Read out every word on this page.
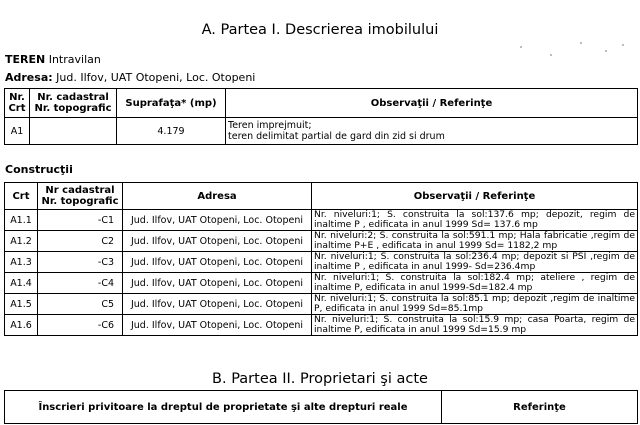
A. Partea I. Descrierea imobilului
TEREN Intravilan
Adresa: Jud. Ilfov, UAT Otopeni, Loc. Otopeni
Nr. Crt	Nr. cadastral Nr. topografic	Suprafaţa* (mp)	Observaţii / Referinţe
A1		4.179	Teren imprejmuit;
teren delimitat partial de gard din zid si drum
Construcţii
Crt	Nr cadastral Nr. topografic	Adresa	Observaţii / Referinţe
A1.1	-C1	Jud. Ilfov, UAT Otopeni, Loc. Otopeni	Nr. niveluri:1; S. construita la sol:137.6 mp; depozit, regim de inaltime P , edificata in anul 1999 Sd= 137.6 mp
A1.2	C2	Jud. Ilfov, UAT Otopeni, Loc. Otopeni	Nr. niveluri:2; S. construita la sol:591.1 mp; Hala fabricatie ,regim de inaltime P+E , edificata in anul 1999 Sd= 1182,2 mp
A1.3	-C3	Jud. Ilfov, UAT Otopeni, Loc. Otopeni	Nr. niveluri:1; S. construita la sol:236.4 mp; depozit si PSI ,regim de inaltime P , edificata in anul 1999- Sd=236.4mp
A1.4	-C4	Jud. Ilfov, UAT Otopeni, Loc. Otopeni	Nr. niveluri:1; S. construita la sol:182.4 mp; ateliere , regim de inaltime P, edificata in anul 1999-Sd=182.4 mp
A1.5	C5	Jud. Ilfov, UAT Otopeni, Loc. Otopeni	Nr. niveluri:1; S. construita la sol:85.1 mp; depozit ,regim de inaltime P, edificata in anul 1999 Sd=85.1mp
A1.6	-C6	Jud. Ilfov, UAT Otopeni, Loc. Otopeni	Nr. niveluri:1; S. construita la sol:15.9 mp; casa Poarta, regim de inaltime P, edificata in anul 1999 Sd=15.9 mp
B. Partea II. Proprietari şi acte
Înscrieri privitoare la dreptul de proprietate şi alte drepturi reale	Referinţe
